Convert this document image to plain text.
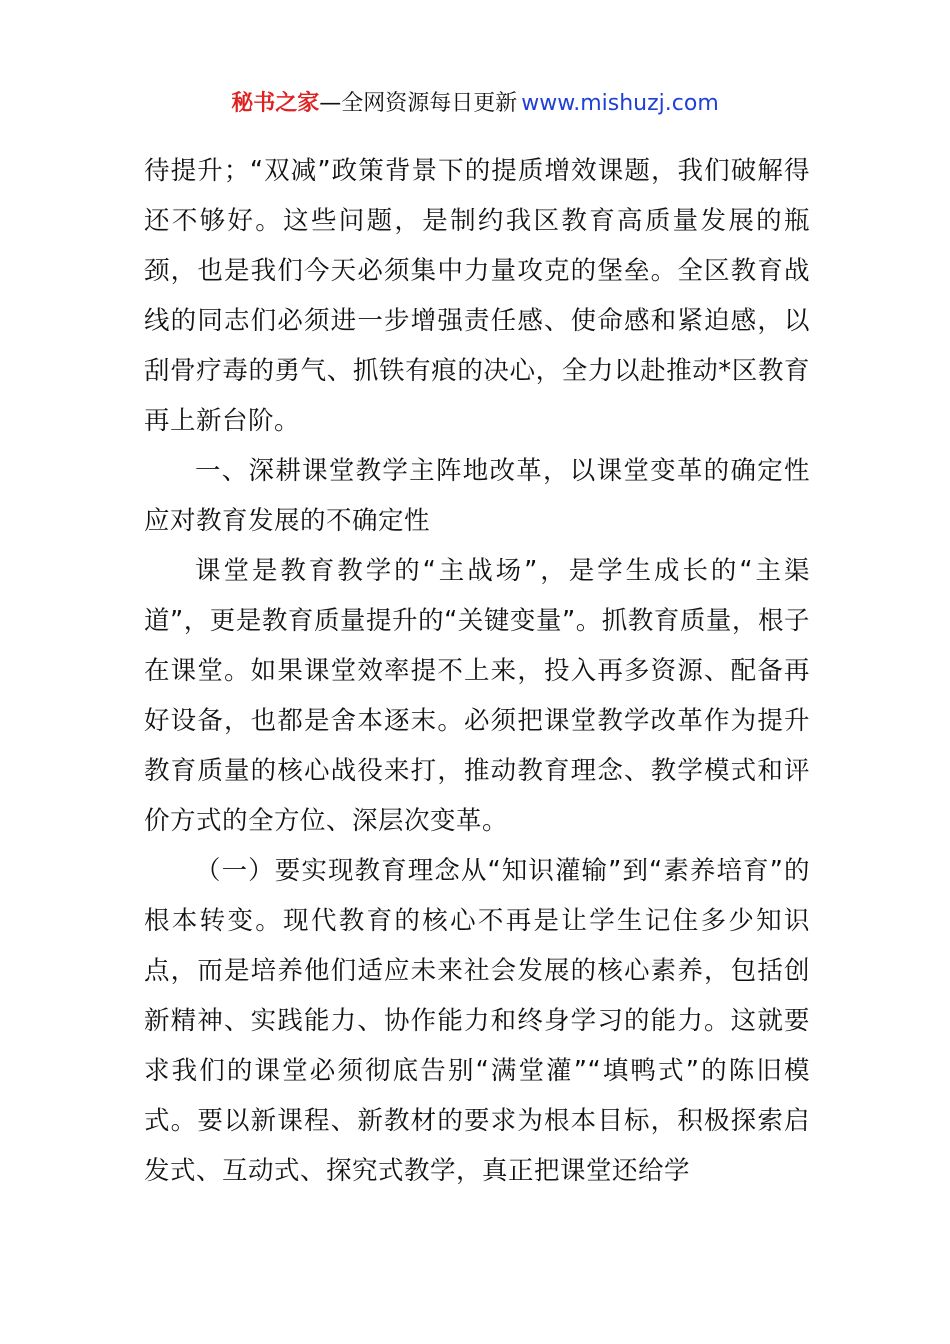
秘书之家—全网资源每日更新 www.mishuzj.com

待提升；“双减”政策背景下的提质增效课题，我们破解得还不够好。这些问题，是制约我区教育高质量发展的瓶颈，也是我们今天必须集中力量攻克的堡垒。全区教育战线的同志们必须进一步增强责任感、使命感和紧迫感，以刮骨疗毒的勇气、抓铁有痕的决心，全力以赴推动*区教育再上新台阶。

一、深耕课堂教学主阵地改革，以课堂变革的确定性应对教育发展的不确定性

课堂是教育教学的“主战场”，是学生成长的“主渠道”，更是教育质量提升的“关键变量”。抓教育质量，根子在课堂。如果课堂效率提不上来，投入再多资源、配备再好设备，也都是舍本逐末。必须把课堂教学改革作为提升教育质量的核心战役来打，推动教育理念、教学模式和评价方式的全方位、深层次变革。

（一）要实现教育理念从“知识灌输”到“素养培育”的根本转变。现代教育的核心不再是让学生记住多少知识点，而是培养他们适应未来社会发展的核心素养，包括创新精神、实践能力、协作能力和终身学习的能力。这就要求我们的课堂必须彻底告别“满堂灌”“填鸭式”的陈旧模式。要以新课程、新教材的要求为根本目标，积极探索启发式、互动式、探究式教学，真正把课堂还给学
